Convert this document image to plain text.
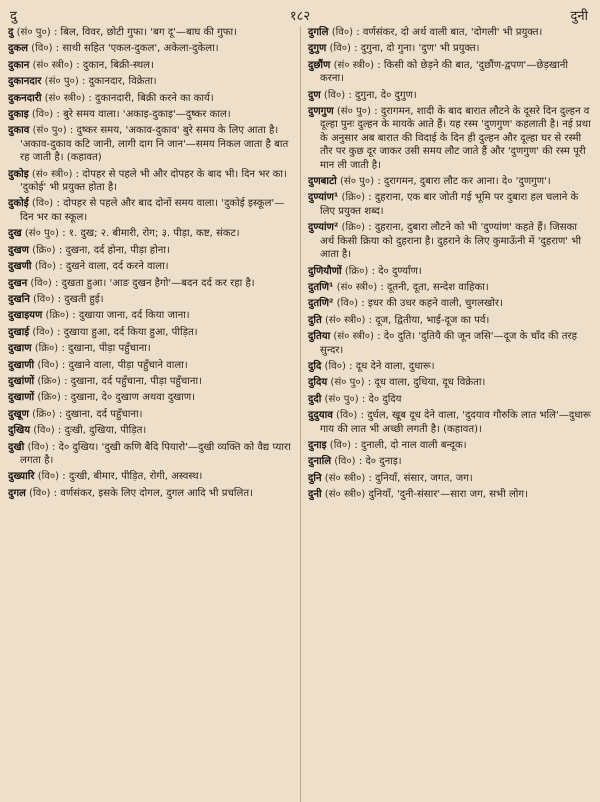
दु	१८२	दुनी
दु (सं० पु०) : बिल, विवर, छोटी गुफा। 'बग दू'—बाघ की गुफा।
दुकल (वि०) : साथी सहित 'एकल-दुकल', अकेला-दुकेला।
दुकान (सं० स्त्री०) : दुकान, बिक्री-स्थल।
दुकानदार (सं० पु०) : दुकानदार, विक्रेता।
दुकनदारी (सं० स्त्री०) : दुकानदारी, बिक्री करने का कार्य।
दुकाइ (वि०) : बुरे समय वाला। 'अकाइ-दुकाइ'—दुष्कर काल।
दुकाव (सं० पु०) : दुष्कर समय, 'अकाव-दुकाव' बुरे समय के लिए आता है। 'अकाव-दुकाव कटि जानी, लागी दाग नि जान'—समय निकल जाता है बात रह जाती है। (कहावत)
दुकोइ (सं० स्त्री०) : दोपहर से पहले भी और दोपहर के बाद भी। दिन भर का। 'दुकोई' भी प्रयुक्त होता है।
दुकोई (वि०) : दोपहर से पहले और बाद दोनों समय वाला। 'दुकोई इस्कूल'—दिन भर का स्कूल।
दुख (सं० पु०) : १. दुख; २. बीमारी, रोग; ३. पीड़ा, कष्ट, संकट।
दुखण (क्रि०) : दुखना, दर्द होना, पीड़ा होना।
दुखणी (वि०) : दुखने वाला, दर्द करने वाला।
दुखन (वि०) : दुखता हुआ। 'आङ दुखन हैगो'—बदन दर्द कर रहा है।
दुखनि (वि०) : दुखती हुई।
दुखाइयण (क्रि०) : दुखाया जाना, दर्द किया जाना।
दुखाई (वि०) : दुखाया हुआ, दर्द किया हुआ, पीड़ित।
दुखाण (क्रि०) : दुखाना, पीड़ा पहुँचाना।
दुखाणी (वि०) : दुखाने वाला, पीड़ा पहुँचाने वाला।
दुखांणों (क्रि०) : दुखाना, दर्द पहुँचाना, पीड़ा पहुँचाना।
दुखाणों (क्रि०) : दुखाना, दे० दुखाण अथवा दुखाण।
दुखूण (क्रि०) : दुखाना, दर्द पहुँचाना।
दुखिय (वि०) : दुःखी, दुखिया, पीड़ित।
दुखी (वि०) : दे० दुखिय। 'दुखी कणि बैदि पियारो'—दुखी व्यक्ति को वैद्य प्यारा लगता है।
दुख्यारि (वि०) : दुःखी, बीमार, पीड़ित, रोगी, अस्वस्थ।
दुगल (वि०) : वर्णसंकर, इसके लिए दोगल, दुगल आदि भी प्रचलित।
दुगलि (वि०) : वर्णसंकर, दो अर्थ वाली बात, 'दोगली' भी प्रयुक्त।
दुगुण (वि०) : दुगुना, दो गुना। 'दुण' भी प्रयुक्त।
दुछौंण (सं० स्त्री०) : किसी को छेड़ने की बात, 'दुछौंण-द्वपण'—छेड़खानी करना।
दुण (वि०) : दुगुना, दे० दुगुण।
दुणगुण (सं० पु०) : दुरागमन, शादी के बाद बारात लौटने के दूसरे दिन दुल्हन व दूल्हा पुनः दुल्हन के मायके आते हैं। यह रस्म 'दुणगुण' कहलाती है। नई प्रथा के अनुसार अब बारात की विदाई के दिन ही दुल्हन और दूल्हा घर से रस्मी तौर पर कुछ दूर जाकर उसी समय लौट जाते हैं और 'दुणगुण' की रस्म पूरी मान ली जाती है।
दुणबाटो (सं० पु०) : दुरागमन, दुबारा लौट कर आना। दे० 'दुणगुण'।
दुण्यांण¹ (क्रि०) : दुहराना, एक बार जोती गई भूमि पर दुबारा हल चलाने के लिए प्रयुक्त शब्द।
दुण्यांण² (क्रि०) : दुहराना, दुबारा लौटने को भी 'दुण्यांण' कहते हैं। जिसका अर्थ किसी क्रिया को दुहराना है। दुहराने के लिए कुमाऊँनी में 'दुहराण' भी आता है।
दुणियौणों (क्रि०) : दे० दुर्ण्यांण।
दुतणि¹ (सं० स्त्री०) : दूतनी, दूता, सन्देश वाहिका।
दुतणि² (वि०) : इधर की उधर कहने वाली, चुगलखोर।
दुति (सं० स्त्री०) : दूज, द्वितीया, भाई-दूज का पर्व।
दुतिया (सं० स्त्री०) : दे० दुति। 'दुतियै की जून जसि'—दूज के चाँद की तरह सुन्दर।
दुदि (वि०) : दूध देने वाला, दुधारू।
दुदिय (सं० पु०) : दूध वाला, दुधिया, दूध विक्रेता।
दुदी (सं० पु०) : दे० दुदिय
दुदुयाव (वि०) : दुर्धल, खूब दूध देने वाला, 'दुदयाव गौरुकि लात भलि'—दुधारू गाय की लात भी अच्छी लगती है। (कहावत)।
दुनाइ (वि०) : दुनाली, दो नाल वाली बन्दूक।
दुनालि (वि०) : दे० दुनाइ।
दुनि (सं० स्त्री०) : दुनियाँ, संसार, जगत, जग।
दुनी (सं० स्त्री०) दुनियाँ, 'दुनी-संसार'—सारा जग, सभी लोग।
